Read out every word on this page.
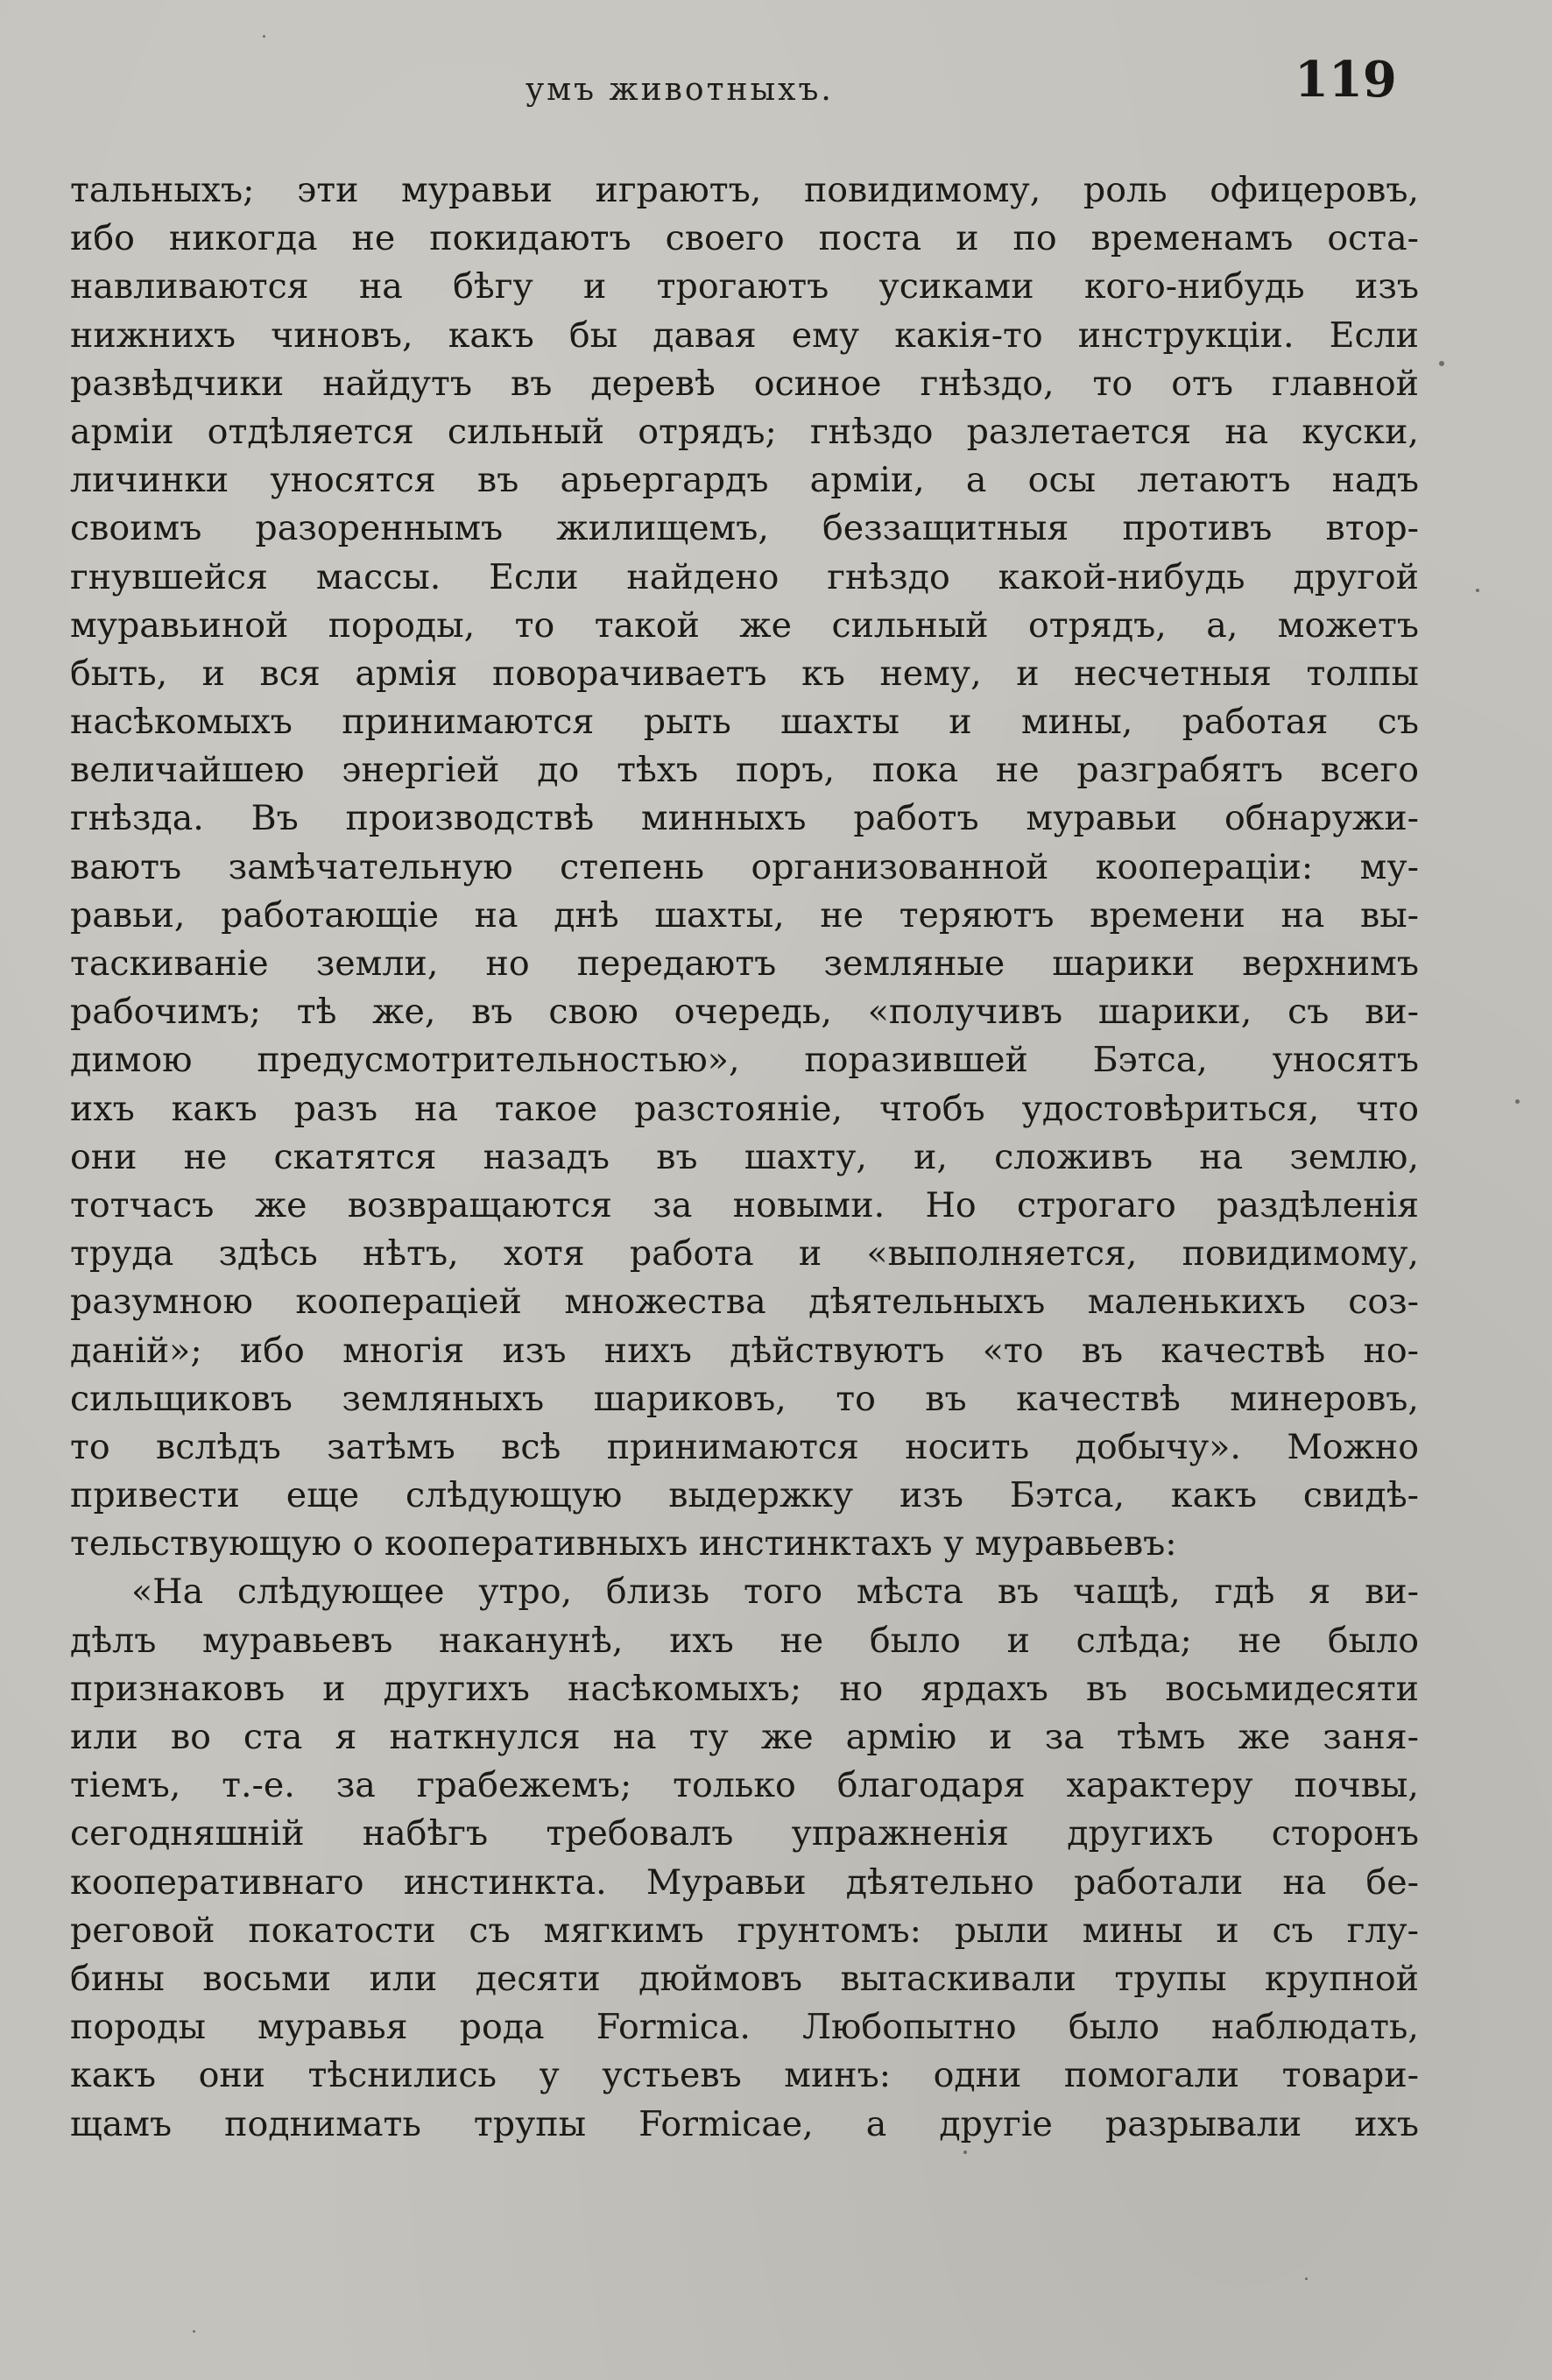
умъ животныхъ.	119
тальныхъ; эти муравьи играютъ, повидимому, роль офицеровъ,
ибо никогда не покидаютъ своего поста и по временамъ оста-
навливаются на бѣгу и трогаютъ усиками кого-нибудь изъ
нижнихъ чиновъ, какъ бы давая ему какія-то инструкціи. Если
развѣдчики найдутъ въ деревѣ осиное гнѣздо, то отъ главной
арміи отдѣляется сильный отрядъ; гнѣздо разлетается на куски,
личинки уносятся въ арьергардъ арміи, а осы летаютъ надъ
своимъ разореннымъ жилищемъ, беззащитныя противъ втор-
гнувшейся массы. Если найдено гнѣздо какой-нибудь другой
муравьиной породы, то такой же сильный отрядъ, а, можетъ
быть, и вся армія поворачиваетъ къ нему, и несчетныя толпы
насѣкомыхъ принимаются рыть шахты и мины, работая съ
величайшею энергіей до тѣхъ поръ, пока не разграбятъ всего
гнѣзда. Въ производствѣ минныхъ работъ муравьи обнаружи-
ваютъ замѣчательную степень организованной коопераціи: му-
равьи, работающіе на днѣ шахты, не теряютъ времени на вы-
таскиваніе земли, но передаютъ земляные шарики верхнимъ
рабочимъ; тѣ же, въ свою очередь, «получивъ шарики, съ ви-
димою предусмотрительностью», поразившей Бэтса, уносятъ
ихъ какъ разъ на такое разстояніе, чтобъ удостовѣриться, что
они не скатятся назадъ въ шахту, и, сложивъ на землю,
тотчасъ же возвращаются за новыми. Но строгаго раздѣленія
труда здѣсь нѣтъ, хотя работа и «выполняется, повидимому,
разумною коопераціей множества дѣятельныхъ маленькихъ соз-
даній»; ибо многія изъ нихъ дѣйствуютъ «то въ качествѣ но-
сильщиковъ земляныхъ шариковъ, то въ качествѣ минеровъ,
то вслѣдъ затѣмъ всѣ принимаются носить добычу». Можно
привести еще слѣдующую выдержку изъ Бэтса, какъ свидѣ-
тельствующую о кооперативныхъ инстинктахъ у муравьевъ:
«На слѣдующее утро, близь того мѣста въ чащѣ, гдѣ я ви-
дѣлъ муравьевъ наканунѣ, ихъ не было и слѣда; не было
признаковъ и другихъ насѣкомыхъ; но ярдахъ въ восьмидесяти
или во ста я наткнулся на ту же армію и за тѣмъ же заня-
тіемъ, т.-е. за грабежемъ; только благодаря характеру почвы,
сегодняшній набѣгъ требовалъ упражненія другихъ сторонъ
кооперативнаго инстинкта. Муравьи дѣятельно работали на бе-
реговой покатости съ мягкимъ грунтомъ: рыли мины и съ глу-
бины восьми или десяти дюймовъ вытаскивали трупы крупной
породы муравья рода Formica. Любопытно было наблюдать,
какъ они тѣснились у устьевъ минъ: одни помогали товари-
щамъ поднимать трупы Formicae, а другіе разрывали ихъ
